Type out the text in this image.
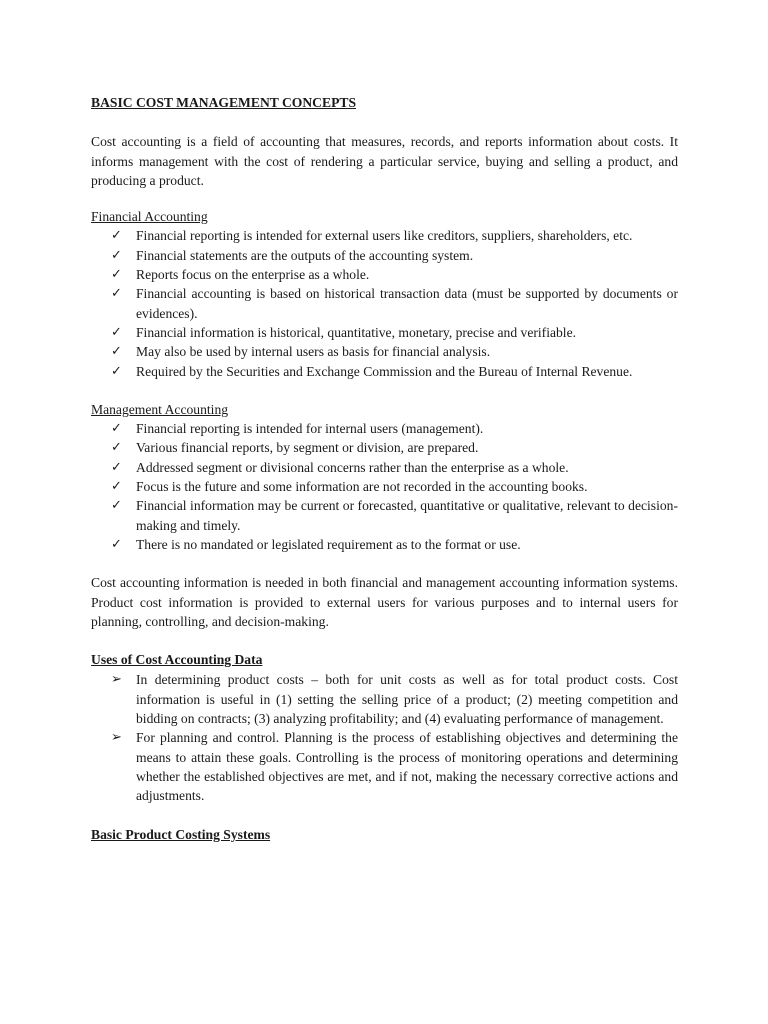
BASIC COST MANAGEMENT CONCEPTS

Cost accounting is a field of accounting that measures, records, and reports information about costs. It informs management with the cost of rendering a particular service, buying and selling a product, and producing a product.

Financial Accounting

✓	Financial reporting is intended for external users like creditors, suppliers, shareholders, etc.
✓	Financial statements are the outputs of the accounting system.
✓	Reports focus on the enterprise as a whole.
✓	Financial accounting is based on historical transaction data (must be supported by documents or evidences).
✓	Financial information is historical, quantitative, monetary, precise and verifiable.
✓	May also be used by internal users as basis for financial analysis.
✓	Required by the Securities and Exchange Commission and the Bureau of Internal Revenue.

Management Accounting

✓	Financial reporting is intended for internal users (management).
✓	Various financial reports, by segment or division, are prepared.
✓	Addressed segment or divisional concerns rather than the enterprise as a whole.
✓	Focus is the future and some information are not recorded in the accounting books.
✓	Financial information may be current or forecasted, quantitative or qualitative, relevant to decision-making and timely.
✓	There is no mandated or legislated requirement as to the format or use.

Cost accounting information is needed in both financial and management accounting information systems. Product cost information is provided to external users for various purposes and to internal users for planning, controlling, and decision-making.

Uses of Cost Accounting Data

➢	In determining product costs – both for unit costs as well as for total product costs. Cost information is useful in (1) setting the selling price of a product; (2) meeting competition and bidding on contracts; (3) analyzing profitability; and (4) evaluating performance of management.
➢	For planning and control. Planning is the process of establishing objectives and determining the means to attain these goals. Controlling is the process of monitoring operations and determining whether the established objectives are met, and if not, making the necessary corrective actions and adjustments.

Basic Product Costing Systems
